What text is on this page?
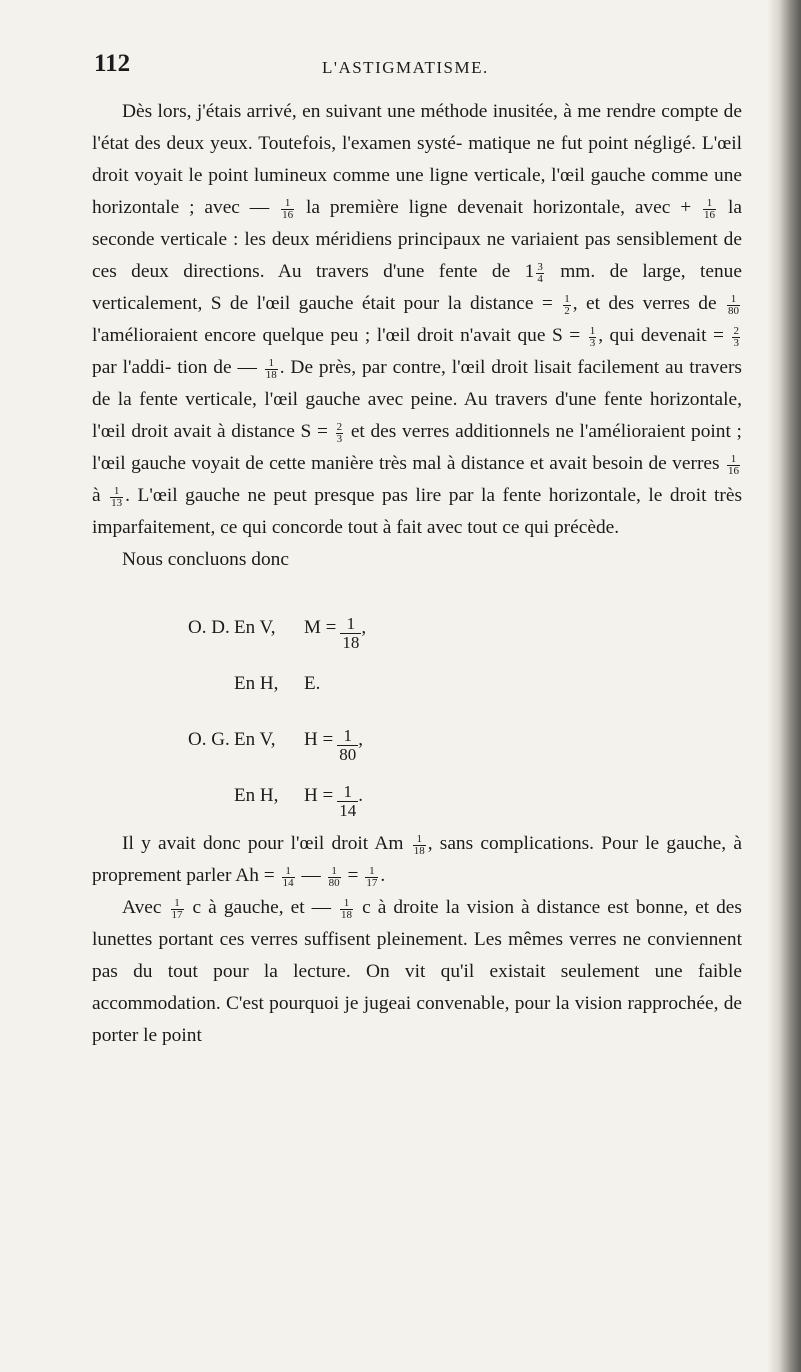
112	L'ASTIGMATISME.

Dès lors, j'étais arrivé, en suivant une méthode inusitée, à me rendre compte de l'état des deux yeux. Toutefois, l'examen systé- matique ne fut point négligé. L'œil droit voyait le point lumineux comme une ligne verticale, l'œil gauche comme une horizontale ; avec — $\frac{1}{16}$ la première ligne devenait horizontale, avec + $\frac{1}{16}$ la seconde verticale : les deux méridiens principaux ne variaient pas sensiblement de ces deux directions. Au travers d'une fente de $1 \frac{3}{4}$ mm. de large, tenue verticalement, S de l'œil gauche était pour la distance = $\frac{1}{2}$ , et des verres de $\frac{1}{80}$
l'amélioraient encore quelque peu ; l'œil droit n'avait que $S = \frac{1}{3}$ , qui devenait = $\frac{2}{3}$
par l'addi- tion de — $\frac{1}{18}$ . De près, par contre, l'œil droit lisait facilement au travers de la fente verticale, l'œil gauche avec peine. Au travers d'une fente horizontale, l'œil droit avait à distance $S = \frac{2}{3}$ et des verres additionnels ne l'amélioraient point ; l'œil gauche voyait de cette manière très mal à distance et avait besoin de verres $\frac{1}{16}$
à $\frac{1}{13}$ . L'œil gauche ne peut presque pas lire par la fente horizontale, le droit très imparfaitement, ce qui concorde tout à fait avec tout ce qui précède.

Nous concluons donc

O. D. En V, $M = \frac{1}{18}$ ,
En H, E.
O. G. En V, $H = \frac{1}{80}$ ,
En H, $H = \frac{1}{14}$ .

Il y avait donc pour l'œil droit Am $\frac{1}{18}$ , sans complications. Pour le gauche, à proprement parler $Ah = \frac{1}{14}$ — $\frac{1}{80} = \frac{1}{17}$ .

Avec $\frac{1}{17}$ c à gauche, et — $\frac{1}{18}$ c à droite la vision à distance est bonne, et des lunettes portant ces verres suffisent pleinement. Les mêmes verres ne conviennent pas du tout pour la lecture. On vit qu'il existait seulement une faible accommodation. C'est pourquoi je jugeai convenable, pour la vision rapprochée, de porter le point
